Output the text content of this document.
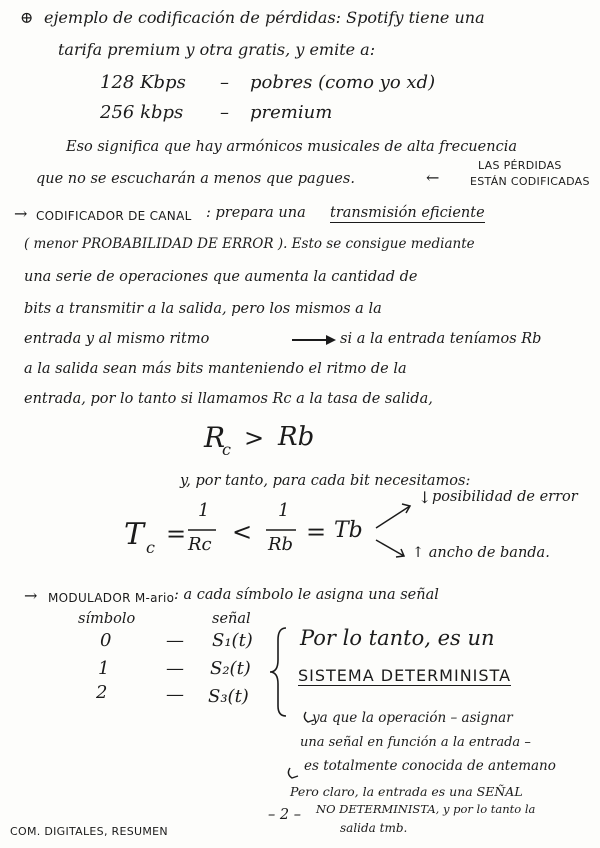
⊕ ejemplo de codificación de pérdidas: Spotify tiene una
tarifa premium y otra gratis, y emite a:
128 Kbps – pobres (como yo xd)
256 kbps – premium
Eso significa que hay armónicos musicales de alta frecuencia
que no se escucharán a menos que pagues.	←
LAS PÉRDIDAS
ESTÁN CODIFICADAS
→ CODIFICADOR DE CANAL : prepara una transmisión eficiente
( menor PROBABILIDAD DE ERROR ). Esto se consigue mediante
una serie de operaciones que aumenta la cantidad de
bits a transmitir a la salida, pero los mismos a la
entrada y al mismo ritmo	si a la entrada teníamos Rb
a la salida sean más bits manteniendo el ritmo de la
entrada, por lo tanto si llamamos Rc a la tasa de salida,
R
c > Rb
y, por tanto, para cada bit necesitamos:
T c =
1
Rc <
1
Rb = Tb
↓ posibilidad de error
↑ ancho de banda.
→ MODULADOR M-ario : a cada símbolo le asigna una señal
símbolo	señal
0	— S₁(t)
1	— S₂(t)
2	— S₃(t)
Por lo tanto, es un
SISTEMA DETERMINISTA
ya que la operación – asignar
una señal en función a la entrada –
es totalmente conocida de antemano
Pero claro, la entrada es una SEÑAL
NO DETERMINISTA, y por lo tanto la
salida tmb.
– 2 –
COM. DIGITALES, RESUMEN
